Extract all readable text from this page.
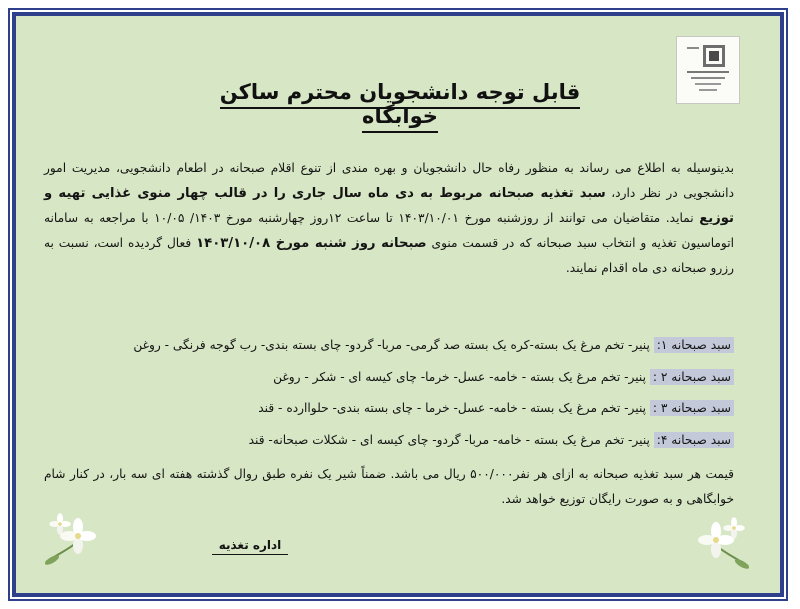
قابل توجه دانشجویان محترم ساکن خوابگاه

بدینوسیله به اطلاع می رساند به منظور رفاه حال دانشجویان و بهره مندی از تنوع اقلام صبحانه در اطعام دانشجویی، مدیریت امور دانشجویی در نظر دارد، سبد تغذیه صبحانه مربوط به دی ماه سال جاری را در قالب چهار منوی غذایی تهیه و توزیع نماید. متقاضیان می توانند از روزشنبه مورخ ۱۴۰۳/۱۰/۰۱ تا ساعت ۱۲روز چهارشنبه مورخ ۱۴۰۳/ ۱۰/۰۵ با مراجعه به سامانه اتوماسیون تغذیه و انتخاب سبد صبحانه که در قسمت منوی صبحانه روز شنبه مورخ ۱۴۰۳/۱۰/۰۸ فعال گردیده است، نسبت به رزرو صبحانه دی ماه اقدام نمایند.

سبد صبحانه ۱: پنیر- تخم مرغ یک بسته-کره یک بسته صد گرمی- مربا- گردو- چای بسته بندی- رب گوجه فرنگی - روغن
سبد صبحانه ۲ : پنیر- تخم مرغ یک بسته - خامه- عسل- خرما- چای کیسه ای - شکر - روغن
سبد صبحانه ۳ : پنیر- تخم مرغ یک بسته - خامه- عسل- خرما - چای بسته بندی- حلواارده - قند
سبد صبحانه ۴: پنیر- تخم مرغ یک بسته - خامه- مربا- گردو- چای کیسه ای - شکلات صبحانه- قند

قیمت هر سبد تغذیه صبحانه به ازای هر نفر۵۰۰/۰۰۰ ریال می باشد. ضمناً شیر یک نفره طبق روال گذشته هفته ای سه بار، در کنار شام خوابگاهی و به صورت رایگان توزیع خواهد شد.

اداره تغذیه
